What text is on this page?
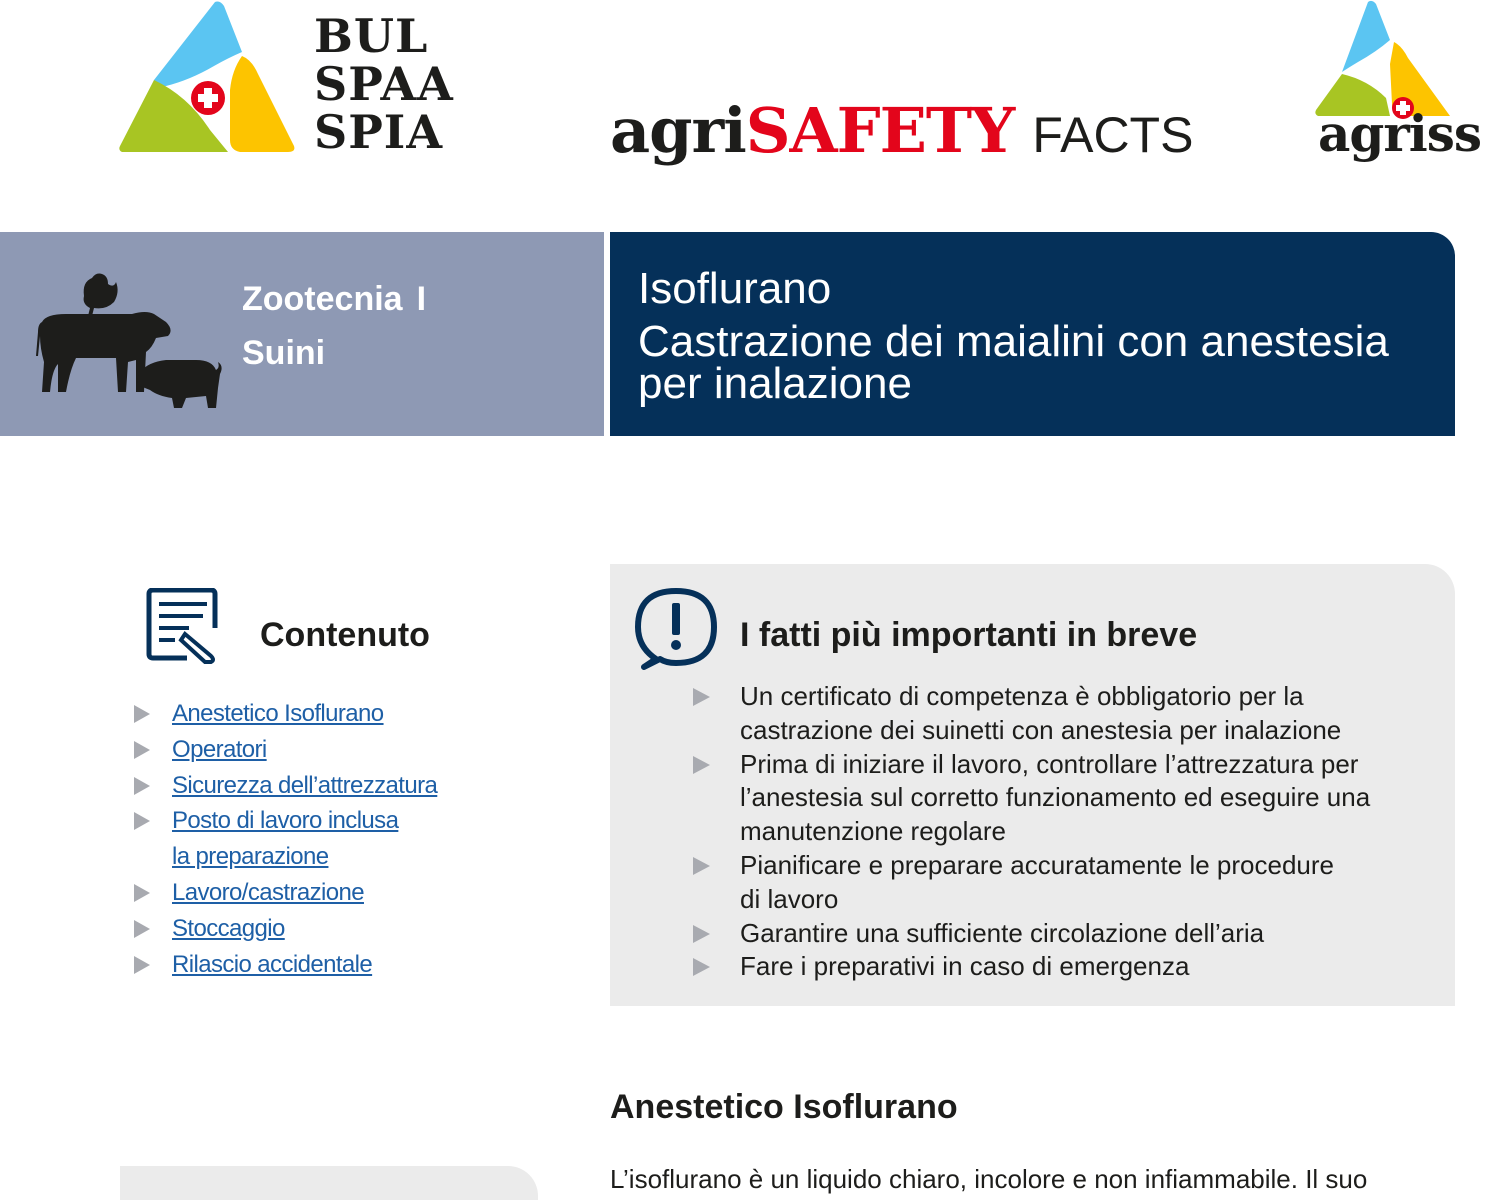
BUL
SPAA
SPIA	agriSAFETY FACTS agriss
Zootecnia I
Suini
Isoflurano
Castrazione dei maialini con anestesia
per inalazione
Contenuto
Anestetico Isoflurano
Operatori
Sicurezza dell’attrezzatura
Posto di lavoro inclusa
la preparazione
Lavoro/castrazione
Stoccaggio
Rilascio accidentale
I fatti più importanti in breve
Un certificato di competenza è obbligatorio per la
castrazione dei suinetti con anestesia per inalazione
Prima di iniziare il lavoro, controllare l’attrezzatura per
l’anestesia sul corretto funzionamento ed eseguire una
manutenzione regolare
Pianificare e preparare accuratamente le procedure
di lavoro
Garantire una sufficiente circolazione dell’aria
Fare i preparativi in caso di emergenza
Anestetico Isoflurano
L’isoflurano è un liquido chiaro, incolore e non infiammabile. Il suo
